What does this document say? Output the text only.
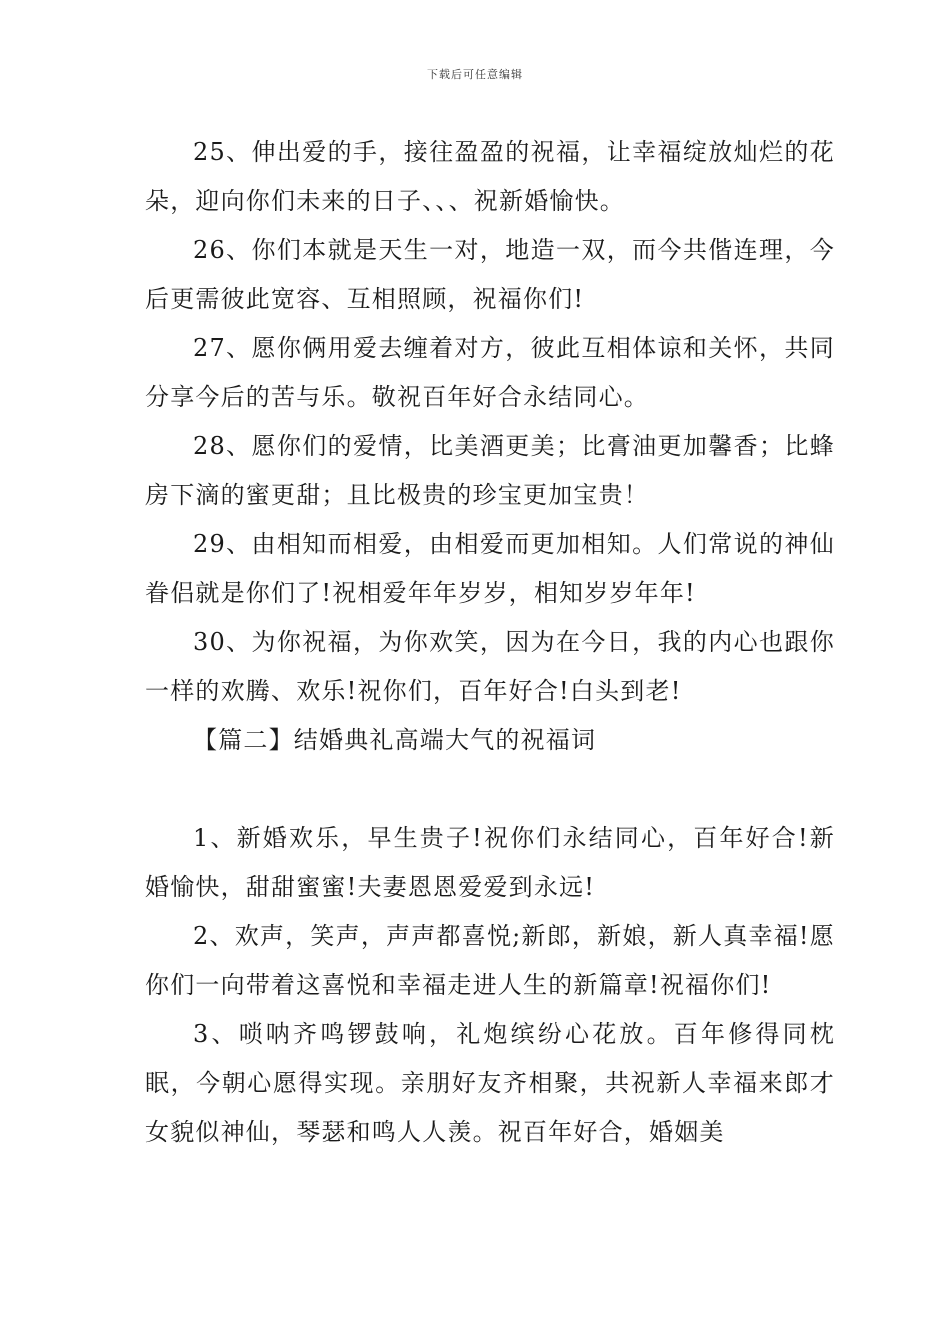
下载后可任意编辑

25、伸出爱的手，接往盈盈的祝福，让幸福绽放灿烂的花朵，迎向你们未来的日子、、、祝新婚愉快。

26、你们本就是天生一对，地造一双，而今共偕连理，今后更需彼此宽容、互相照顾，祝福你们!

27、愿你俩用爱去缠着对方，彼此互相体谅和关怀，共同分享今后的苦与乐。敬祝百年好合永结同心。

28、愿你们的爱情，比美酒更美；比膏油更加馨香；比蜂房下滴的蜜更甜；且比极贵的珍宝更加宝贵！

29、由相知而相爱，由相爱而更加相知。人们常说的神仙眷侣就是你们了!祝相爱年年岁岁，相知岁岁年年!

30、为你祝福，为你欢笑，因为在今日，我的内心也跟你一样的欢腾、欢乐!祝你们，百年好合!白头到老!

【篇二】结婚典礼高端大气的祝福词

1、新婚欢乐，早生贵子!祝你们永结同心，百年好合!新婚愉快，甜甜蜜蜜!夫妻恩恩爱爱到永远!

2、欢声，笑声，声声都喜悦;新郎，新娘，新人真幸福!愿你们一向带着这喜悦和幸福走进人生的新篇章!祝福你们!

3、唢呐齐鸣锣鼓响，礼炮缤纷心花放。百年修得同枕眠，今朝心愿得实现。亲朋好友齐相聚，共祝新人幸福来郎才女貌似神仙，琴瑟和鸣人人羡。祝百年好合，婚姻美
